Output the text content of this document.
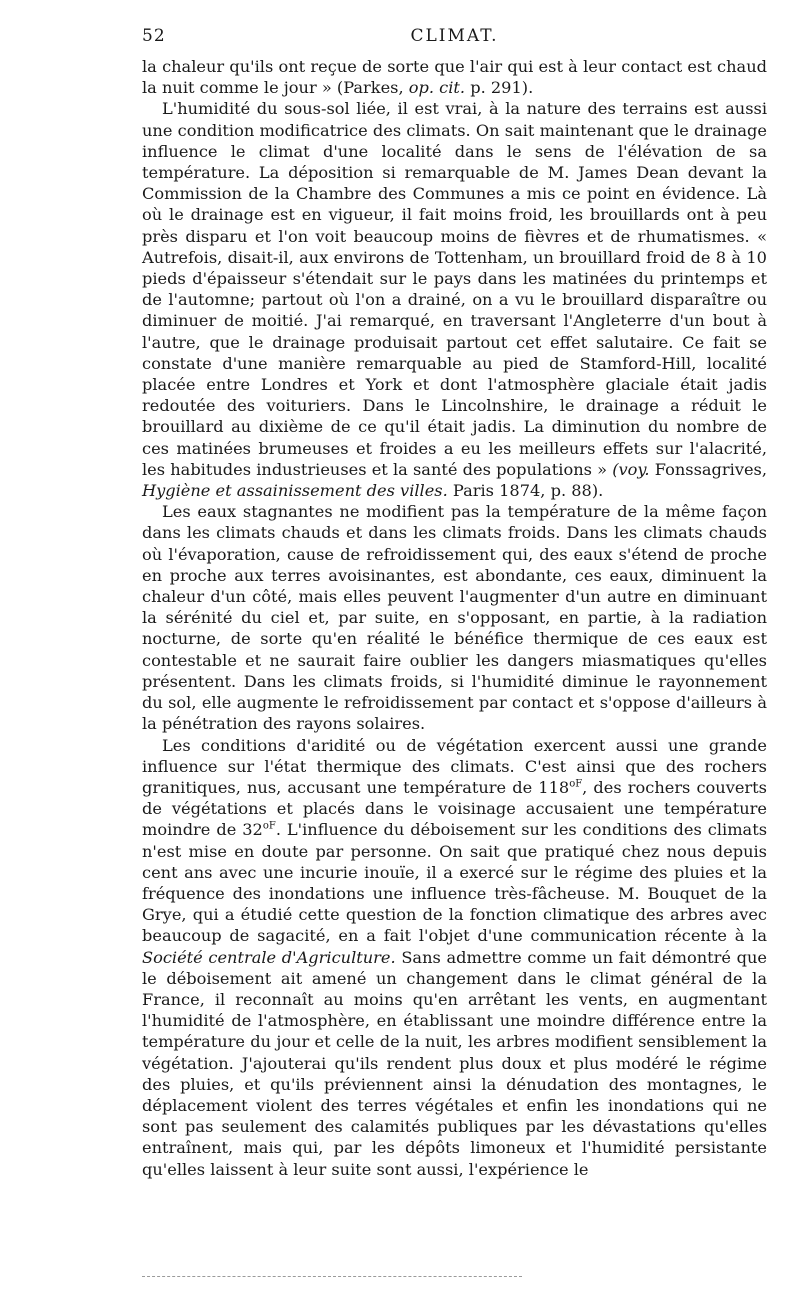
52	CLIMAT.

la chaleur qu'ils ont reçue de sorte que l'air qui est à leur contact est chaud la nuit comme le jour » (Parkes, op. cit. p. 291).

L'humidité du sous-sol liée, il est vrai, à la nature des terrains est aussi une condition modificatrice des climats. On sait maintenant que le drainage influence le climat d'une localité dans le sens de l'élévation de sa température. La déposition si remarquable de M. James Dean devant la Commission de la Chambre des Communes a mis ce point en évidence. Là où le drainage est en vigueur, il fait moins froid, les brouillards ont à peu près disparu et l'on voit beaucoup moins de fièvres et de rhumatismes. « Autrefois, disait-il, aux environs de Tottenham, un brouillard froid de 8 à 10 pieds d'épaisseur s'étendait sur le pays dans les matinées du printemps et de l'automne; partout où l'on a drainé, on a vu le brouillard disparaître ou diminuer de moitié. J'ai remarqué, en traversant l'Angleterre d'un bout à l'autre, que le drainage produisait partout cet effet salutaire. Ce fait se constate d'une manière remarquable au pied de Stamford-Hill, localité placée entre Londres et York et dont l'atmosphère glaciale était jadis redoutée des voituriers. Dans le Lincolnshire, le drainage a réduit le brouillard au dixième de ce qu'il était jadis. La diminution du nombre de ces matinées brumeuses et froides a eu les meilleurs effets sur l'alacrité, les habitudes industrieuses et la santé des populations » (voy. Fonssagrives, Hygiène et assainissement des villes. Paris 1874, p. 88).

Les eaux stagnantes ne modifient pas la température de la même façon dans les climats chauds et dans les climats froids. Dans les climats chauds où l'évaporation, cause de refroidissement qui, des eaux s'étend de proche en proche aux terres avoisinantes, est abondante, ces eaux, diminuent la chaleur d'un côté, mais elles peuvent l'augmenter d'un autre en diminuant la sérénité du ciel et, par suite, en s'opposant, en partie, à la radiation nocturne, de sorte qu'en réalité le bénéfice thermique de ces eaux est contestable et ne saurait faire oublier les dangers miasmatiques qu'elles présentent. Dans les climats froids, si l'humidité diminue le rayonnement du sol, elle augmente le refroidissement par contact et s'oppose d'ailleurs à la pénétration des rayons solaires.

Les conditions d'aridité ou de végétation exercent aussi une grande influence sur l'état thermique des climats. C'est ainsi que des rochers granitiques, nus, accusant une température de $118^{oF}$, des rochers couverts de végétations et placés dans le voisinage accusaient une température moindre de $32^{oF}$. L'influence du déboisement sur les conditions des climats n'est mise en doute par personne. On sait que pratiqué chez nous depuis cent ans avec une incurie inouïe, il a exercé sur le régime des pluies et la fréquence des inondations une influence très-fâcheuse. M. Bouquet de la Grye, qui a étudié cette question de la fonction climatique des arbres avec beaucoup de sagacité, en a fait l'objet d'une communication récente à la Société centrale d'Agriculture. Sans admettre comme un fait démontré que le déboisement ait amené un changement dans le climat général de la France, il reconnaît au moins qu'en arrêtant les vents, en augmentant l'humidité de l'atmosphère, en établissant une moindre différence entre la température du jour et celle de la nuit, les arbres modifient sensiblement la végétation. J'ajouterai qu'ils rendent plus doux et plus modéré le régime des pluies, et qu'ils préviennent ainsi la dénudation des montagnes, le déplacement violent des terres végétales et enfin les inondations qui ne sont pas seulement des calamités publiques par les dévastations qu'elles entraînent, mais qui, par les dépôts limoneux et l'humidité persistante qu'elles laissent à leur suite sont aussi, l'expérience le
